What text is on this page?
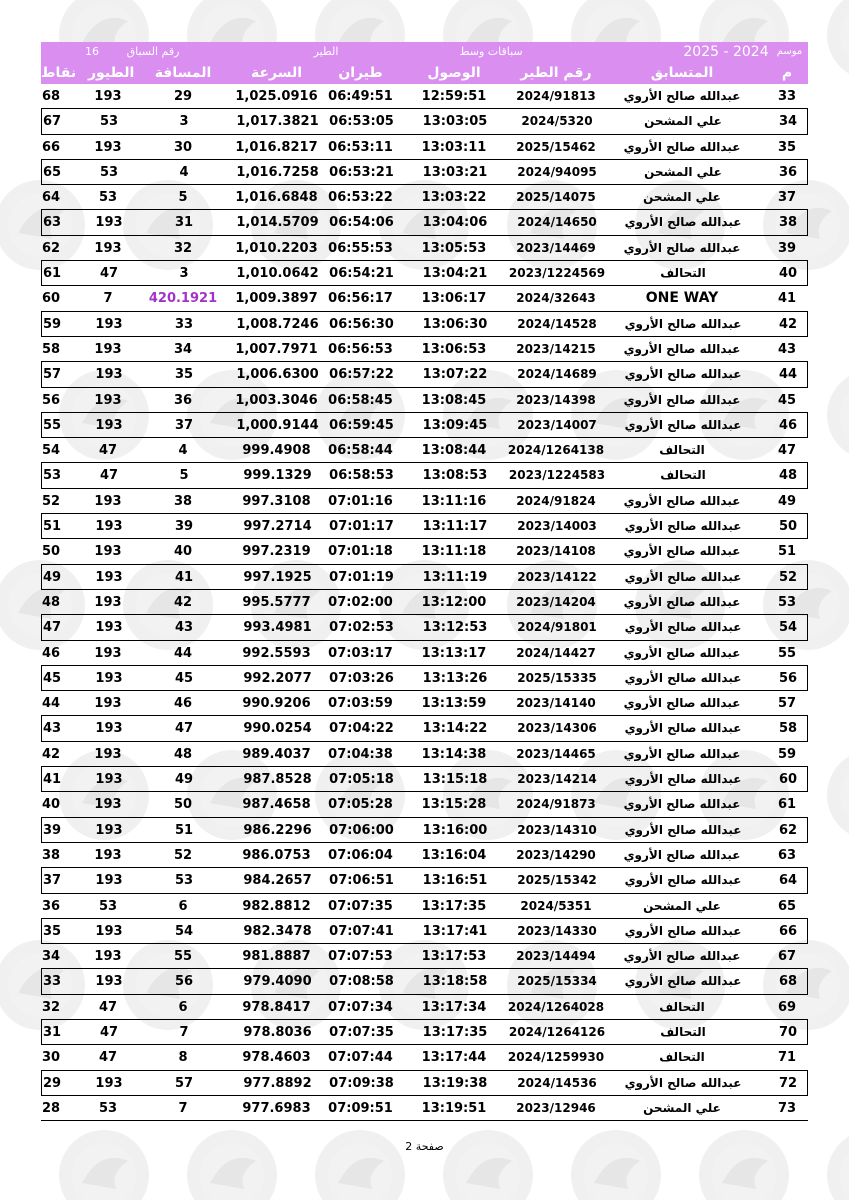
16	رقم السباق	الطير	سباقات وسط	2025 - 2024 موسم
نقاط الطيور	المسافة	السرعة	طيران	الوصول	رقم الطير	المتسابق	م
68	193	29	1,025.0916 06:49:51	12:59:51	2024/91813	عبدالله صالح الأروي	33
67	53	3	1,017.3821 06:53:05	13:03:05	2024/5320	علي المشحن	34
66	193	30	1,016.8217 06:53:11	13:03:11	2025/15462	عبدالله صالح الأروي	35
65	53	4	1,016.7258 06:53:21	13:03:21	2024/94095	علي المشحن	36
64	53	5	1,016.6848 06:53:22	13:03:22	2025/14075	علي المشحن	37
63	193	31	1,014.5709 06:54:06	13:04:06	2024/14650	عبدالله صالح الأروي	38
62	193	32	1,010.2203 06:55:53	13:05:53	2023/14469	عبدالله صالح الأروي	39
61	47	3	1,010.0642 06:54:21	13:04:21	2023/1224569	التحالف	40
60	7	420.1921	1,009.3897 06:56:17	13:06:17	2024/32643	ONE WAY	41
59	193	33	1,008.7246 06:56:30	13:06:30	2024/14528	عبدالله صالح الأروي	42
58	193	34	1,007.7971 06:56:53	13:06:53	2023/14215	عبدالله صالح الأروي	43
57	193	35	1,006.6300 06:57:22	13:07:22	2024/14689	عبدالله صالح الأروي	44
56	193	36	1,003.3046 06:58:45	13:08:45	2023/14398	عبدالله صالح الأروي	45
55	193	37	1,000.9144 06:59:45	13:09:45	2023/14007	عبدالله صالح الأروي	46
54	47	4	999.4908	06:58:44	13:08:44	2024/1264138	التحالف	47
53	47	5	999.1329	06:58:53	13:08:53	2023/1224583	التحالف	48
52	193	38	997.3108	07:01:16	13:11:16	2024/91824	عبدالله صالح الأروي	49
51	193	39	997.2714	07:01:17	13:11:17	2023/14003	عبدالله صالح الأروي	50
50	193	40	997.2319	07:01:18	13:11:18	2023/14108	عبدالله صالح الأروي	51
49	193	41	997.1925	07:01:19	13:11:19	2023/14122	عبدالله صالح الأروي	52
48	193	42	995.5777	07:02:00	13:12:00	2023/14204	عبدالله صالح الأروي	53
47	193	43	993.4981	07:02:53	13:12:53	2024/91801	عبدالله صالح الأروي	54
46	193	44	992.5593	07:03:17	13:13:17	2024/14427	عبدالله صالح الأروي	55
45	193	45	992.2077	07:03:26	13:13:26	2025/15335	عبدالله صالح الأروي	56
44	193	46	990.9206	07:03:59	13:13:59	2023/14140	عبدالله صالح الأروي	57
43	193	47	990.0254	07:04:22	13:14:22	2023/14306	عبدالله صالح الأروي	58
42	193	48	989.4037	07:04:38	13:14:38	2023/14465	عبدالله صالح الأروي	59
41	193	49	987.8528	07:05:18	13:15:18	2023/14214	عبدالله صالح الأروي	60
40	193	50	987.4658	07:05:28	13:15:28	2024/91873	عبدالله صالح الأروي	61
39	193	51	986.2296	07:06:00	13:16:00	2023/14310	عبدالله صالح الأروي	62
38	193	52	986.0753	07:06:04	13:16:04	2023/14290	عبدالله صالح الأروي	63
37	193	53	984.2657	07:06:51	13:16:51	2025/15342	عبدالله صالح الأروي	64
36	53	6	982.8812	07:07:35	13:17:35	2024/5351	علي المشحن	65
35	193	54	982.3478	07:07:41	13:17:41	2023/14330	عبدالله صالح الأروي	66
34	193	55	981.8887	07:07:53	13:17:53	2023/14494	عبدالله صالح الأروي	67
33	193	56	979.4090	07:08:58	13:18:58	2025/15334	عبدالله صالح الأروي	68
32	47	6	978.8417	07:07:34	13:17:34	2024/1264028	التحالف	69
31	47	7	978.8036	07:07:35	13:17:35	2024/1264126	التحالف	70
30	47	8	978.4603	07:07:44	13:17:44	2024/1259930	التحالف	71
29	193	57	977.8892	07:09:38	13:19:38	2024/14536	عبدالله صالح الأروي	72
28	53	7	977.6983	07:09:51	13:19:51	2023/12946	علي المشحن	73
صفحة 2
